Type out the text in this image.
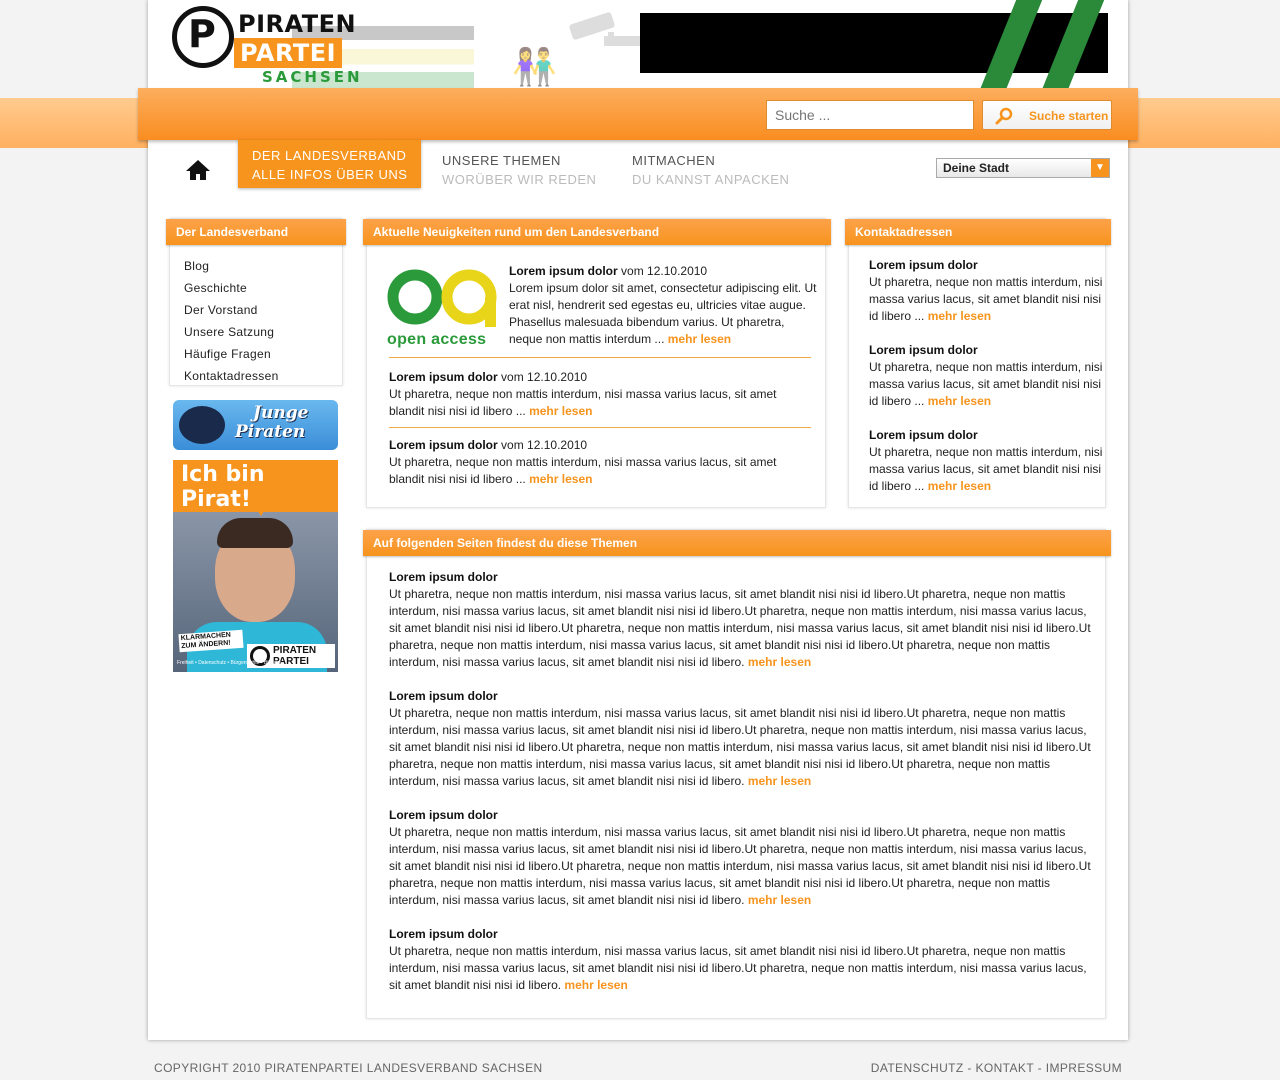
👫
P PIRATEN
PARTEI
SACHSEN
Suche ...
Suche starten
DER LANDESVERBAND
ALLE INFOS ÜBER UNS
UNSERE THEMEN
WORÜBER WIR REDEN
MITMACHEN
DU KANNST ANPACKEN
Deine Stadt	▼
Der Landesverband
Blog
Geschichte
Der Vorstand
Unsere Satzung
Häufige Fragen
Kontaktadressen
Junge
Piraten
Ich bin Pirat!
KLARMACHEN ZUM ÄNDERN!
PIRATEN
PARTEI
Freiheit • Datenschutz • Bürgerrechte • Bildung
Aktuelle Neuigkeiten rund um den Landesverband
open access
Lorem ipsum dolor vom 12.10.2010
Lorem ipsum dolor sit amet, consectetur adipiscing elit. Ut erat nisl, hendrerit sed egestas eu, ultricies vitae augue. Phasellus malesuada bibendum varius. Ut pharetra, neque non mattis interdum ... mehr lesen
Lorem ipsum dolor vom 12.10.2010
Ut pharetra, neque non mattis interdum, nisi massa varius lacus, sit amet blandit nisi nisi id libero ... mehr lesen
Lorem ipsum dolor vom 12.10.2010
Ut pharetra, neque non mattis interdum, nisi massa varius lacus, sit amet blandit nisi nisi id libero ... mehr lesen
Kontaktadressen
Lorem ipsum dolor
Ut pharetra, neque non mattis interdum, nisi massa varius lacus, sit amet blandit nisi nisi id libero ... mehr lesen
Lorem ipsum dolor
Ut pharetra, neque non mattis interdum, nisi massa varius lacus, sit amet blandit nisi nisi id libero ... mehr lesen
Lorem ipsum dolor
Ut pharetra, neque non mattis interdum, nisi massa varius lacus, sit amet blandit nisi nisi id libero ... mehr lesen
Auf folgenden Seiten findest du diese Themen
Lorem ipsum dolor
Ut pharetra, neque non mattis interdum, nisi massa varius lacus, sit amet blandit nisi nisi id libero.Ut pharetra, neque non mattis interdum, nisi massa varius lacus, sit amet blandit nisi nisi id libero.Ut pharetra, neque non mattis interdum, nisi massa varius lacus, sit amet blandit nisi nisi id libero.Ut pharetra, neque non mattis interdum, nisi massa varius lacus, sit amet blandit nisi nisi id libero.Ut pharetra, neque non mattis interdum, nisi massa varius lacus, sit amet blandit nisi nisi id libero.Ut pharetra, neque non mattis interdum, nisi massa varius lacus, sit amet blandit nisi nisi id libero. mehr lesen
Lorem ipsum dolor
Ut pharetra, neque non mattis interdum, nisi massa varius lacus, sit amet blandit nisi nisi id libero.Ut pharetra, neque non mattis interdum, nisi massa varius lacus, sit amet blandit nisi nisi id libero.Ut pharetra, neque non mattis interdum, nisi massa varius lacus, sit amet blandit nisi nisi id libero.Ut pharetra, neque non mattis interdum, nisi massa varius lacus, sit amet blandit nisi nisi id libero.Ut pharetra, neque non mattis interdum, nisi massa varius lacus, sit amet blandit nisi nisi id libero.Ut pharetra, neque non mattis interdum, nisi massa varius lacus, sit amet blandit nisi nisi id libero. mehr lesen
Lorem ipsum dolor
Ut pharetra, neque non mattis interdum, nisi massa varius lacus, sit amet blandit nisi nisi id libero.Ut pharetra, neque non mattis interdum, nisi massa varius lacus, sit amet blandit nisi nisi id libero.Ut pharetra, neque non mattis interdum, nisi massa varius lacus, sit amet blandit nisi nisi id libero.Ut pharetra, neque non mattis interdum, nisi massa varius lacus, sit amet blandit nisi nisi id libero.Ut pharetra, neque non mattis interdum, nisi massa varius lacus, sit amet blandit nisi nisi id libero.Ut pharetra, neque non mattis interdum, nisi massa varius lacus, sit amet blandit nisi nisi id libero. mehr lesen
Lorem ipsum dolor
Ut pharetra, neque non mattis interdum, nisi massa varius lacus, sit amet blandit nisi nisi id libero.Ut pharetra, neque non mattis interdum, nisi massa varius lacus, sit amet blandit nisi nisi id libero.Ut pharetra, neque non mattis interdum, nisi massa varius lacus, sit amet blandit nisi nisi id libero. mehr lesen
COPYRIGHT 2010 PIRATENPARTEI LANDESVERBAND SACHSEN	DATENSCHUTZ - KONTAKT - IMPRESSUM
